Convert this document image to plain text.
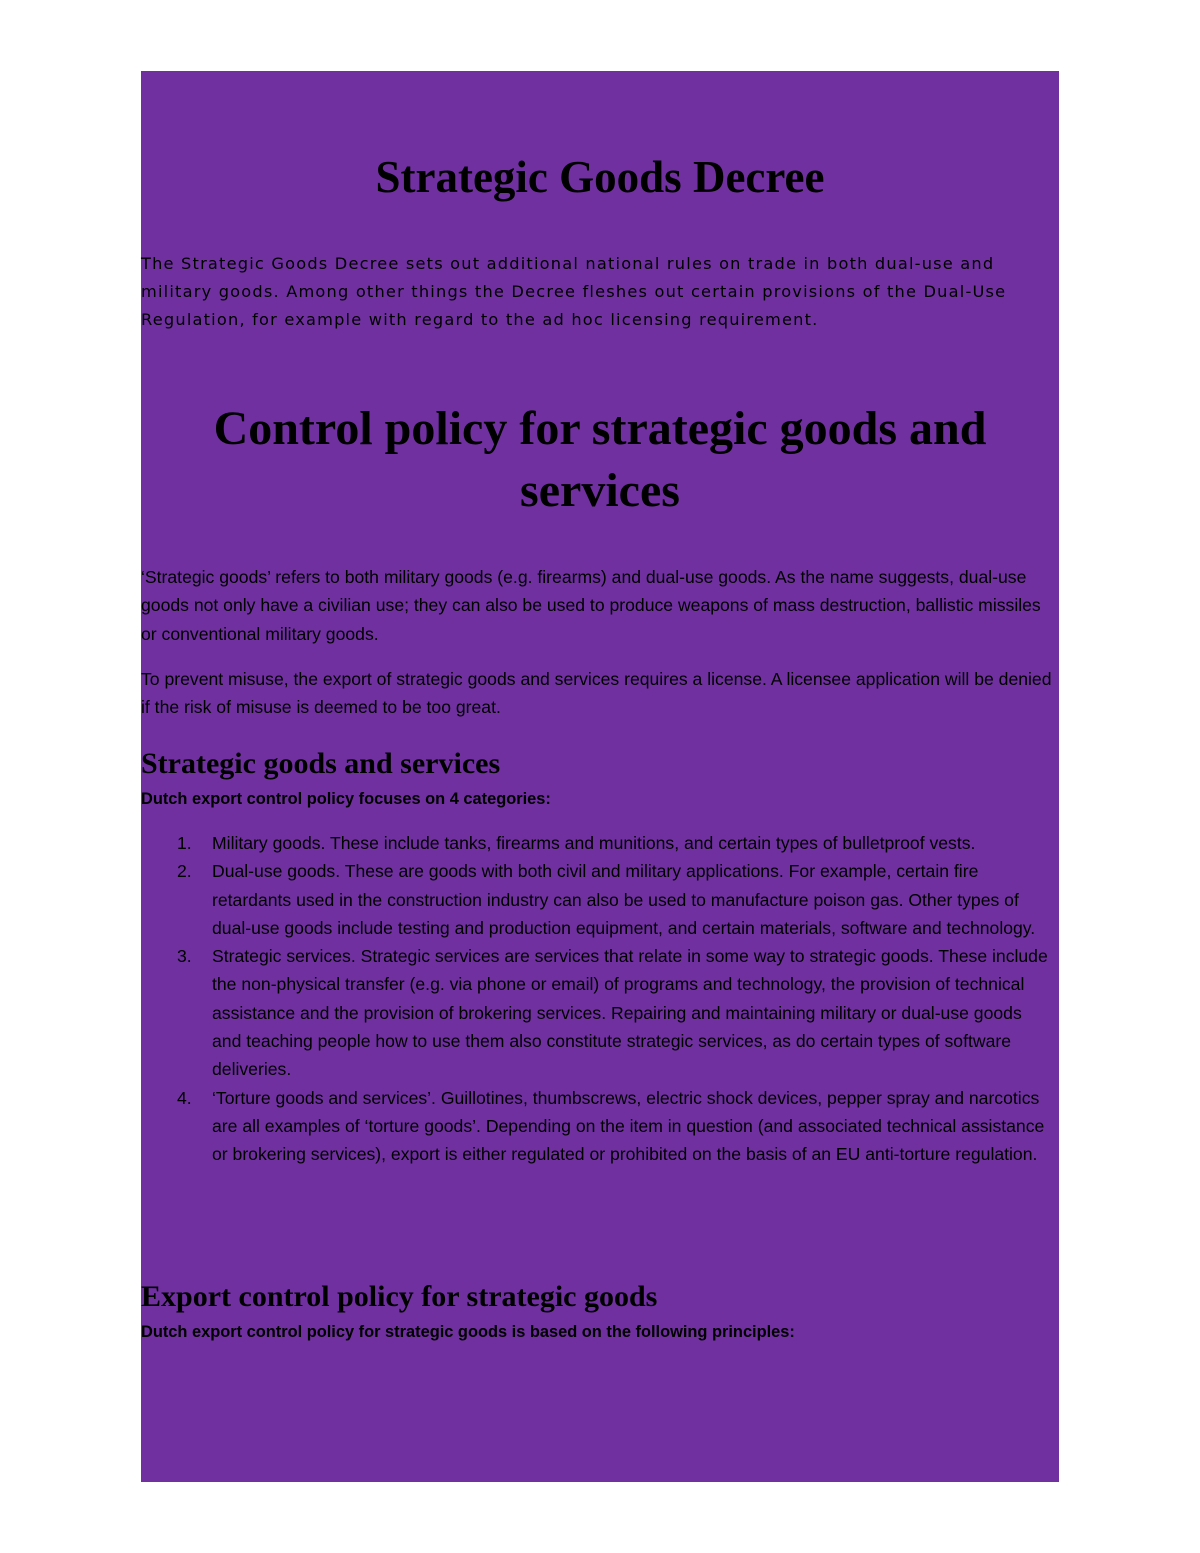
Strategic Goods Decree

The Strategic Goods Decree sets out additional national rules on trade in both dual-use and military goods. Among other things the Decree fleshes out certain provisions of the Dual-Use Regulation, for example with regard to the ad hoc licensing requirement.

Control policy for strategic goods and services

‘Strategic goods’ refers to both military goods (e.g. firearms) and dual-use goods. As the name suggests, dual-use goods not only have a civilian use; they can also be used to produce weapons of mass destruction, ballistic missiles or conventional military goods.

To prevent misuse, the export of strategic goods and services requires a license. A licensee application will be denied if the risk of misuse is deemed to be too great.

Strategic goods and services

Dutch export control policy focuses on 4 categories:

1. Military goods. These include tanks, firearms and munitions, and certain types of bulletproof vests.
2. Dual-use goods. These are goods with both civil and military applications. For example, certain fire retardants used in the construction industry can also be used to manufacture poison gas. Other types of dual-use goods include testing and production equipment, and certain materials, software and technology.
3. Strategic services. Strategic services are services that relate in some way to strategic goods. These include the non-physical transfer (e.g. via phone or email) of programs and technology, the provision of technical assistance and the provision of brokering services. Repairing and maintaining military or dual-use goods and teaching people how to use them also constitute strategic services, as do certain types of software deliveries.
4. ‘Torture goods and services’. Guillotines, thumbscrews, electric shock devices, pepper spray and narcotics are all examples of ‘torture goods’. Depending on the item in question (and associated technical assistance or brokering services), export is either regulated or prohibited on the basis of an EU anti-torture regulation.
Export control policy for strategic goods

Dutch export control policy for strategic goods is based on the following principles:
